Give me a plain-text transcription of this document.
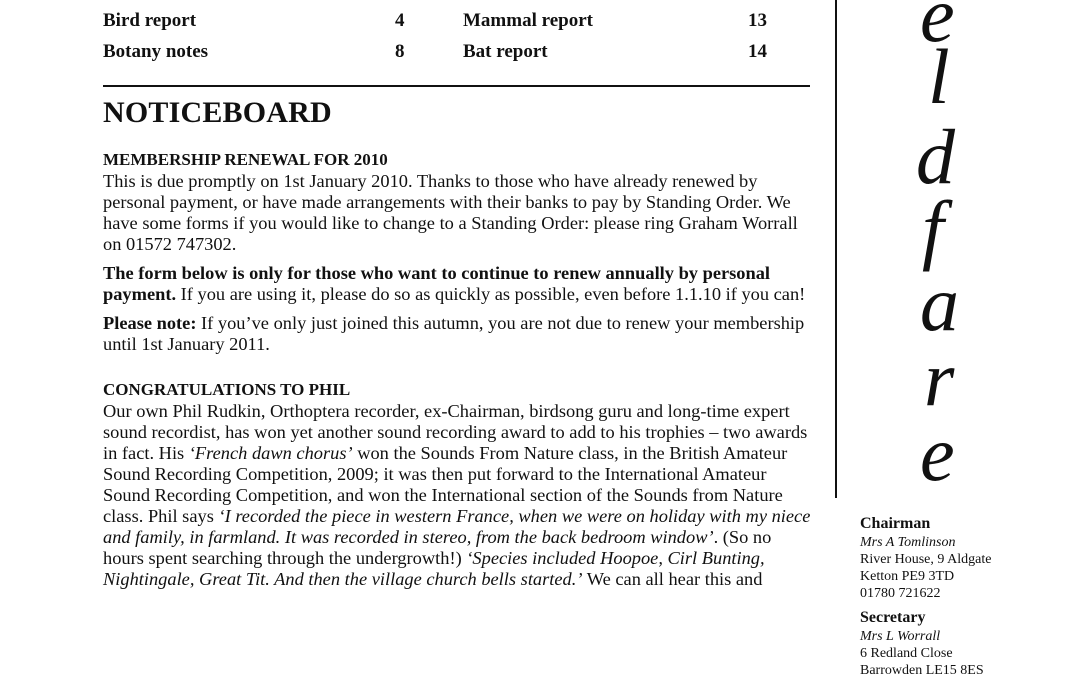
Bird report	4	Mammal report	13
Botany notes	8	Bat report	14 e
l
d
f
a
r
e
NOTICEBOARD
MEMBERSHIP RENEWAL FOR 2010
This is due promptly on 1st January 2010. Thanks to those who have already renewed by personal payment, or have made arrangements with their banks to pay by Standing Order. We have some forms if you would like to change to a Standing Order: please ring Graham Worrall on 01572 747302.
The form below is only for those who want to continue to renew annually by personal payment. If you are using it, please do so as quickly as possible, even before 1.1.10 if you can!
Please note: If you’ve only just joined this autumn, you are not due to renew your membership until 1st January 2011.
CONGRATULATIONS TO PHIL
Our own Phil Rudkin, Orthoptera recorder, ex-Chairman, birdsong guru and long-time expert sound recordist, has won yet another sound recording award to add to his trophies – two awards in fact. His ‘French dawn chorus’ won the Sounds From Nature class, in the British Amateur Sound Recording Competition, 2009; it was then put forward to the International Amateur Sound Recording Competition, and won the International section of the Sounds from Nature class. Phil says ‘I recorded the piece in western France, when we were on holiday with my niece and family, in farmland. It was recorded in stereo, from the back bedroom window’. (So no hours spent searching through the undergrowth!) ‘Species included Hoopoe, Cirl Bunting, Nightingale, Great Tit. And then the village church bells started.’ We can all hear this and
Chairman
Mrs A Tomlinson
River House, 9 Aldgate
Ketton PE9 3TD
01780 721622
Secretary
Mrs L Worrall
6 Redland Close
Barrowden LE15 8ES
